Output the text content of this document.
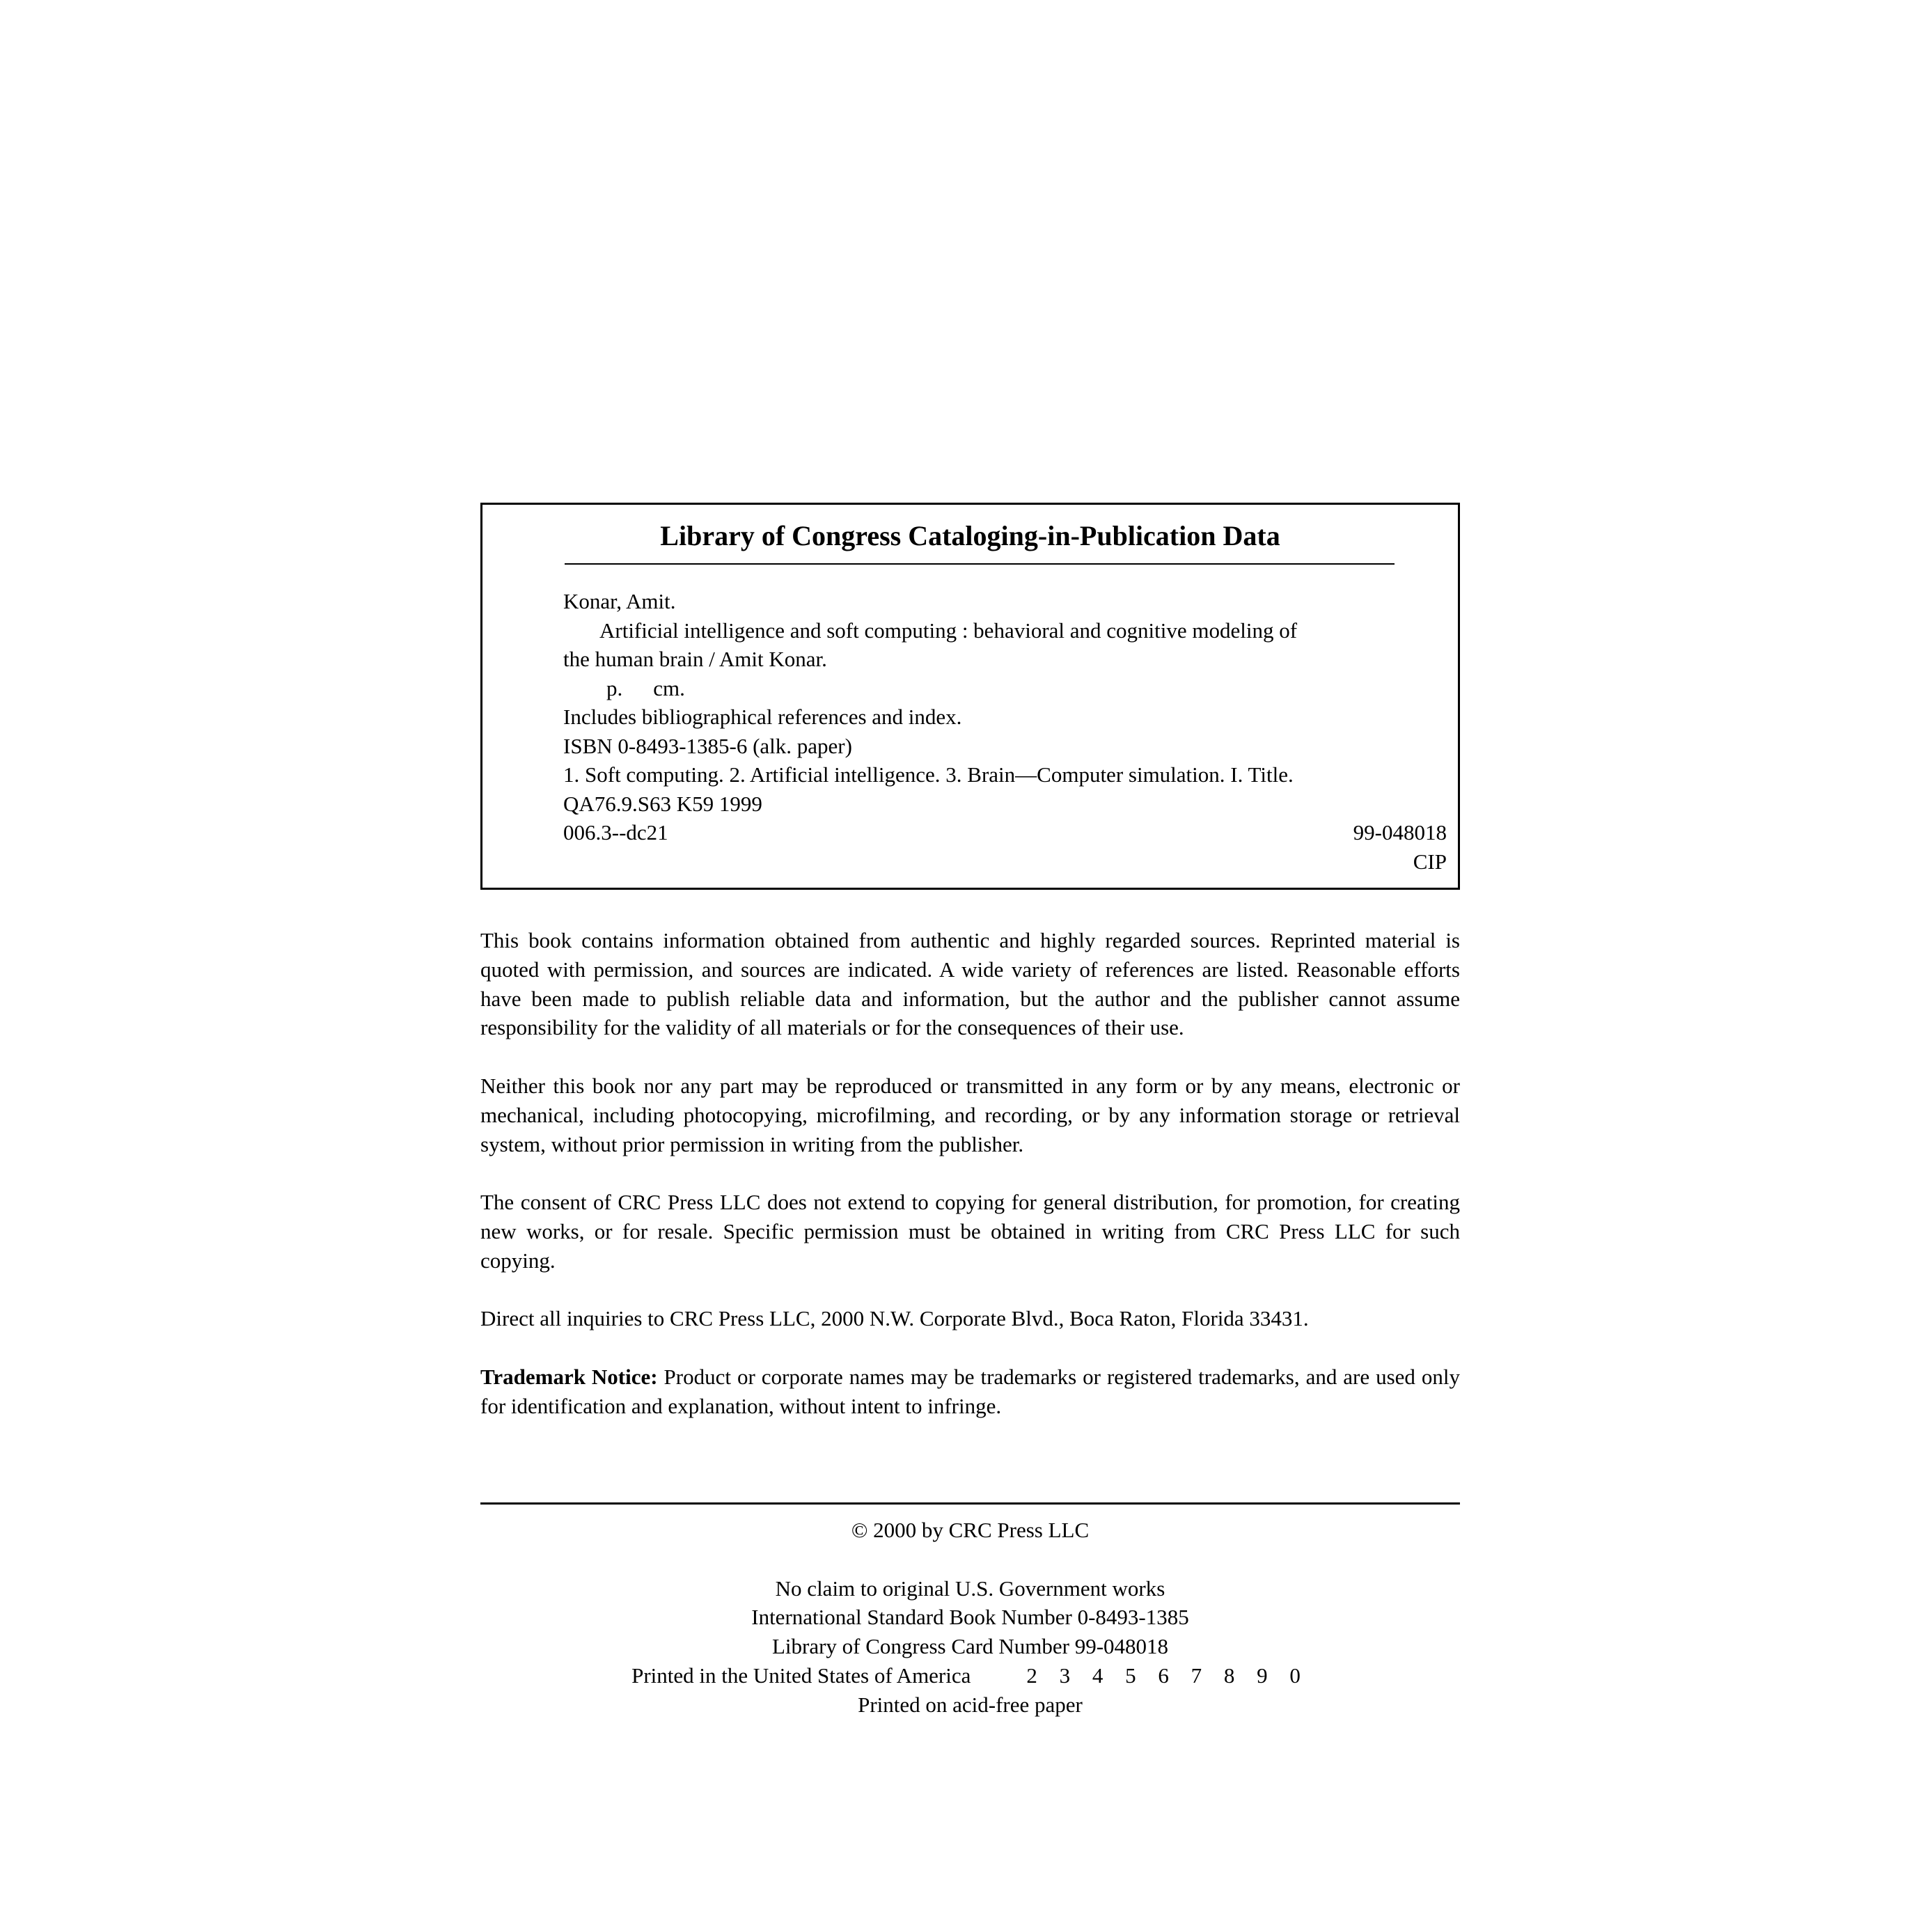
Library of Congress Cataloging-in-Publication Data
Konar, Amit.
Artificial intelligence and soft computing : behavioral and cognitive modeling of
the human brain / Amit Konar.
p. cm.
Includes bibliographical references and index.
ISBN 0-8493-1385-6 (alk. paper)
1. Soft computing. 2. Artificial intelligence. 3. Brain—Computer simulation. I. Title.
QA76.9.S63 K59 1999
006.3--dc21	99-048018
CIP

This book contains information obtained from authentic and highly regarded sources. Reprinted material is quoted with permission, and sources are indicated. A wide variety of references are listed. Reasonable efforts have been made to publish reliable data and information, but the author and the publisher cannot assume responsibility for the validity of all materials or for the consequences of their use.

Neither this book nor any part may be reproduced or transmitted in any form or by any means, electronic or mechanical, including photocopying, microfilming, and recording, or by any information storage or retrieval system, without prior permission in writing from the publisher.

The consent of CRC Press LLC does not extend to copying for general distribution, for promotion, for creating new works, or for resale. Specific permission must be obtained in writing from CRC Press LLC for such copying.

Direct all inquiries to CRC Press LLC, 2000 N.W. Corporate Blvd., Boca Raton, Florida 33431.

Trademark Notice: Product or corporate names may be trademarks or registered trademarks, and are used only for identification and explanation, without intent to infringe.

© 2000 by CRC Press LLC
No claim to original U.S. Government works
International Standard Book Number 0-8493-1385
Library of Congress Card Number 99-048018
Printed in the United States of America	2 3 4 5 6 7 8 9 0
Printed on acid-free paper
